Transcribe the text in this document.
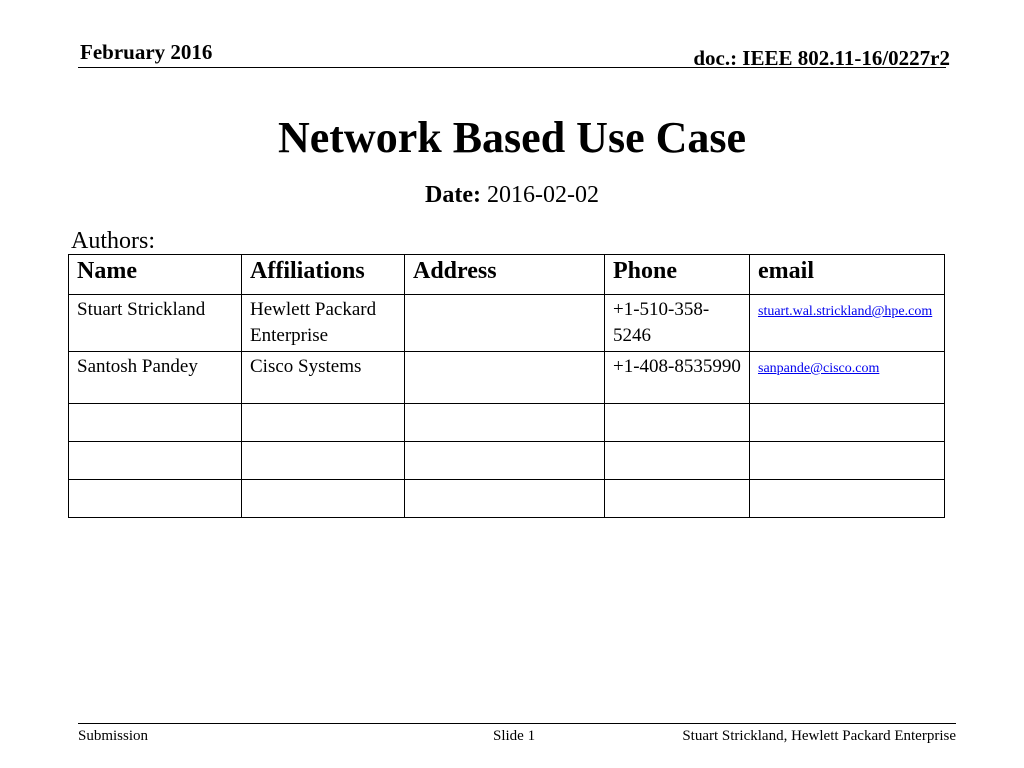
February 2016	doc.: IEEE 802.11-16/0227r2
Network Based Use Case
Date: 2016-02-02
Authors:
Name	Affiliations	Address	Phone	email
Stuart Strickland	Hewlett Packard Enterprise		+1-510-358-5246	stuart.wal.strickland@hpe.com
Santosh Pandey	Cisco Systems		+1-408-8535990	sanpande@cisco.com

Submission	Slide 1	Stuart Strickland, Hewlett Packard Enterprise
